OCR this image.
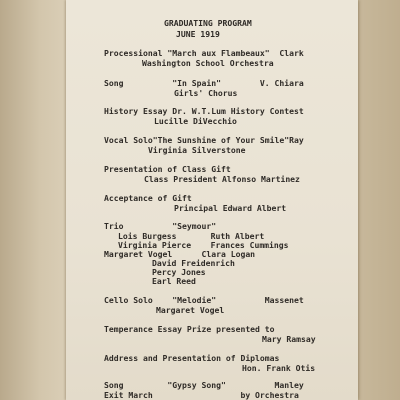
GRADUATING PROGRAM
JUNE 1919
Processional "March aux Flambeaux"  Clark
Washington School Orchestra
Song          "In Spain"        V. Chiara
Girls' Chorus
History Essay Dr. W.T.Lum History Contest
Lucille DiVecchio
Vocal Solo"The Sunshine of Your Smile"Ray
Virginia Silverstone
Presentation of Class Gift
Class President Alfonso Martinez
Acceptance of Gift
Principal Edward Albert
Trio          "Seymour"
Lois Burgess       Ruth Albert
Virginia Pierce    Frances Cummings
Margaret Vogel      Clara Logan
David Freidenrich
Percy Jones
Earl Reed
Cello Solo    "Melodie"          Massenet
Margaret Vogel
Temperance Essay Prize presented to
Mary Ramsay
Address and Presentation of Diplomas
Hon. Frank Otis
Song         "Gypsy Song"          Manley
Exit March                  by Orchestra
